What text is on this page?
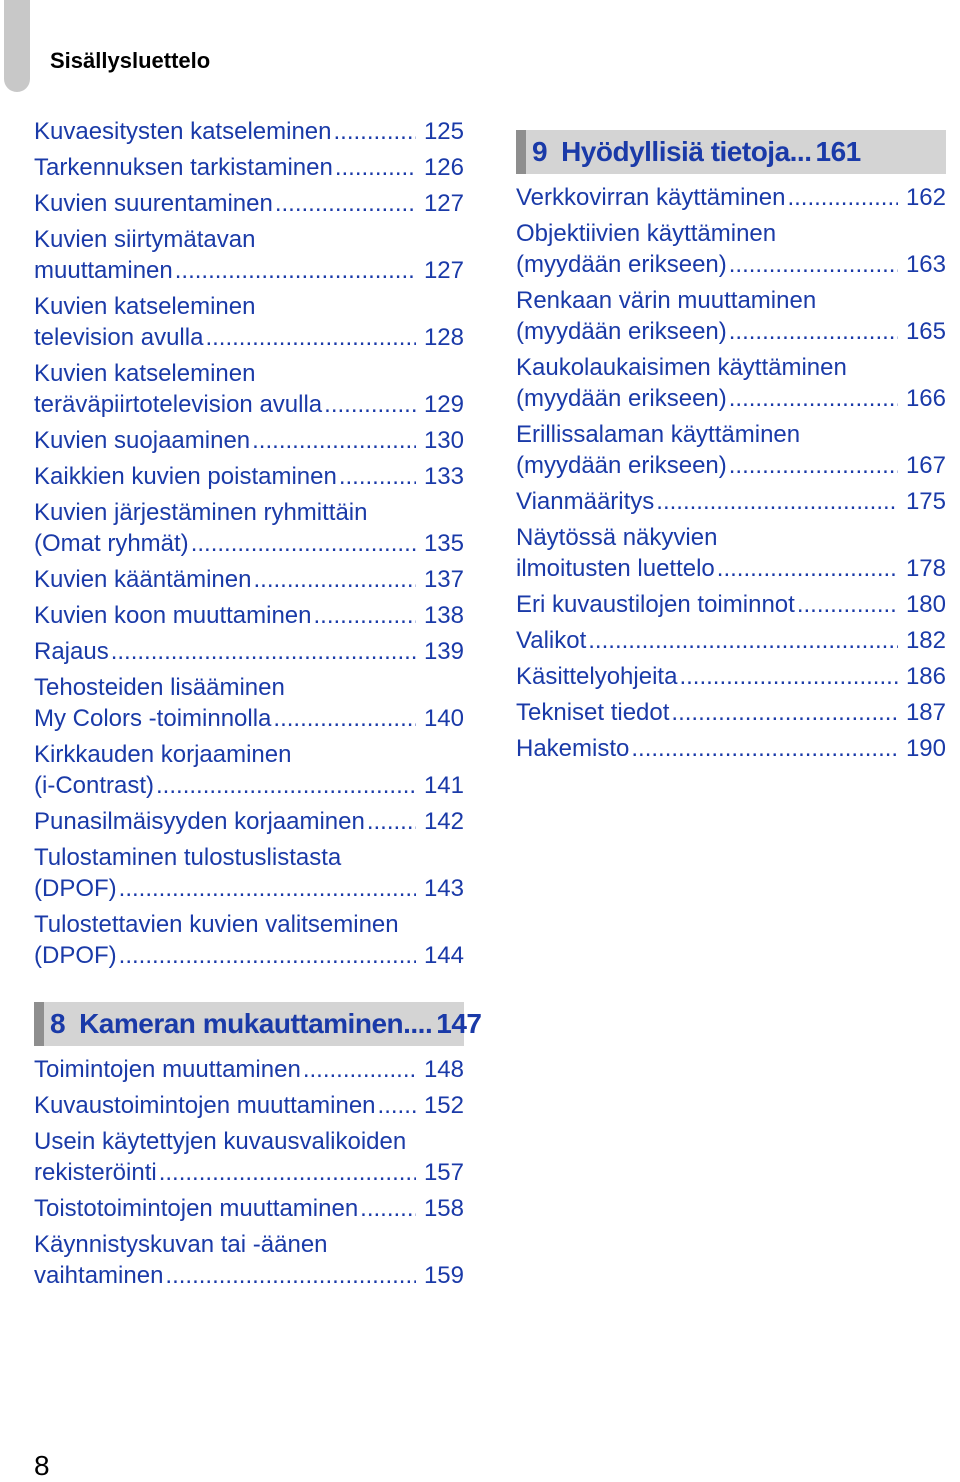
Sisällysluettelo
Kuvaesitysten katseleminen .....	125
Tarkennuksen tarkistaminen .....	126
Kuvien suurentaminen .....	127
Kuvien siirtymätavan
muuttaminen .....	127
Kuvien katseleminen
television avulla .....	128
Kuvien katseleminen
teräväpiirtotelevision avulla .....	129
Kuvien suojaaminen .....	130
Kaikkien kuvien poistaminen .....	133
Kuvien järjestäminen ryhmittäin
(Omat ryhmät) .....	135
Kuvien kääntäminen .....	137
Kuvien koon muuttaminen .....	138
Rajaus .....	139
Tehosteiden lisääminen
My Colors -toiminnolla .....	140
Kirkkauden korjaaminen
(i-Contrast) .....	141
Punasilmäisyyden korjaaminen ..... 142
Tulostaminen tulostuslistasta
(DPOF) .....	143
Tulostettavien kuvien valitseminen
(DPOF) .....	144
8 Kameran mukauttaminen .... 147
Toimintojen muuttaminen .....	148
Kuvaustoimintojen muuttaminen ..... 152
Usein käytettyjen kuvausvalikoiden
rekisteröinti .....	157
Toistotoimintojen muuttaminen .....	158
Käynnistyskuvan tai -äänen
vaihtaminen .....	159
9 Hyödyllisiä tietoja ... 161
Verkkovirran käyttäminen .....	162
Objektiivien käyttäminen
(myydään erikseen) .....	163
Renkaan värin muuttaminen
(myydään erikseen) .....	165
Kaukolaukaisimen käyttäminen
(myydään erikseen) .....	166
Erillissalaman käyttäminen
(myydään erikseen) .....	167
Vianmääritys .....	175
Näytössä näkyvien
ilmoitusten luettelo .....	178
Eri kuvaustilojen toiminnot .....	180
Valikot .....	182
Käsittelyohjeita .....	186
Tekniset tiedot .....	187
Hakemisto .....	190
8
